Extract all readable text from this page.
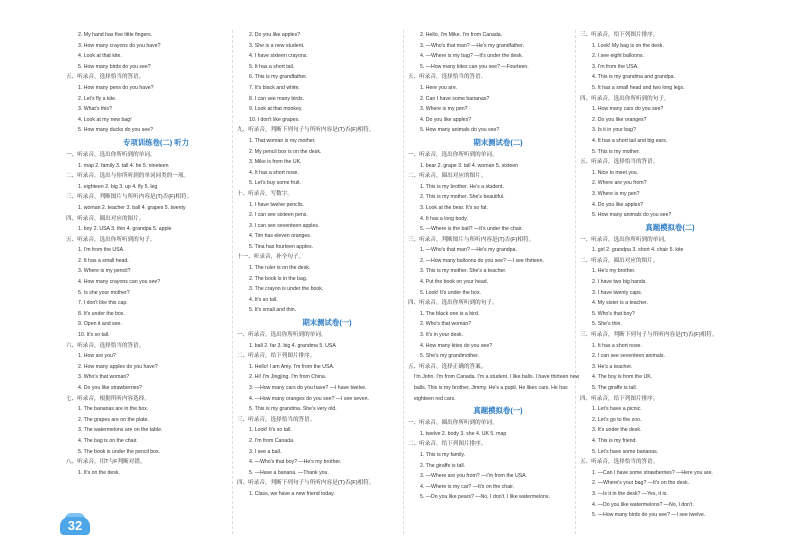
2. My hand has five little fingers.
3. How many crayons do you have?
4. Look at that kite.
5. How many birds do you see?
五、听录音，选择恰当的答语。
1. How many pens do you have?
2. Let's fly a kite.
3. What's this?
4. Look at my new bag!
5. How many ducks do you see?
专项训练卷(二) 听力
一、听录音，选出你所听到的单词。
1. map 2. family 3. tall 4. he 5. nineteen
二、听录音，选出与你所听到的单词同类的一项。
1. eighteen 2. big 3. up 4. fly 5. leg
三、听录音，判断图片与所听内容是(T)否(F)相符。
1. woman 2. teacher 3. ball 4. grapes 5. twenty
四、听录音，圈出对应的图片。
1. boy 2. USA 3. thin 4. grandpa 5. apple
五、听录音，选出你所听到的句子。
1. I'm from the USA.
2. It has a small head.
3. Where is my pencil?
4. How many crayons can you see?
5. Is she your mother?
7. I don't like this cap.
8. It's under the box.
9. Open it and see.
10. It's so tall.
六、听录音，选择恰当的答语。
1. How are you?
2. How many apples do you have?
3. Who's that woman?
4. Do you like strawberries?
七、听录音，根据所听内容选择。
1. The bananas are in the box.
2. The grapes are on the plate.
3. The watermelons are on the table.
4. The bag is on the chair.
5. The book is under the pencil box.
八、听录音，用T与F判断对错。
1. It's on the desk.
2. Do you like apples?
3. She is a new student.
4. I have sixteen crayons.
5. It has a short tail.
6. This is my grandfather.
7. It's black and white.
8. I can see many birds.
9. Look at that monkey.
10. I don't like grapes.
九、听录音，判断下列句子与所听内容是(T)否(F)相符。
1. That woman is my mother.
2. My pencil box is on the desk.
3. Mike is from the UK.
4. It has a short nose.
5. Let's buy some fruit.
十、听录音，写数字。
1. I have twelve pencils.
2. I can see sixteen pens.
3. I can see seventeen apples.
4. Tim has eleven oranges.
5. Tina has fourteen apples.
十一、听录音，补全句子。
1. The ruler is on the desk.
2. The book is in the bag.
3. The crayon is under the book.
4. It's so tall.
5. It's small and thin.
期末测试卷(一)
一、听录音，选出你所听到的单词。
1. ball 2. far 3. big 4. grandma 5. USA
二、听录音，给下列图片排序。
1. Hello! I am Amy. I'm from the USA.
2. Hi! I'm Jingjing. I'm from China.
3. —How many cars do you have? —I have twelve.
4. —How many oranges do you see? —I see seven.
5. This is my grandma. She's very old.
三、听录音，选择恰当的答语。
1. Look! It's so tall.
2. I'm from Canada.
3. I see a ball.
4. —Who's that boy? —He's my brother.
5. —Have a banana. —Thank you.
四、听录音，判断下列句子与所听内容是(T)否(F)相符。
1. Class, we have a new friend today.
2. Hello, I'm Mike. I'm from Canada.
3. —Who's that man? —He's my grandfather.
4. —Where is my bag? —It's under the desk.
5. —How many kites can you see? —Fourteen.
五、听录音，选择恰当的答语。
1. Here you are.
2. Can I have some bananas?
3. Where is my pen?
4. Do you like apples?
5. How many animals do you see?
期末测试卷(二)
一、听录音，选出你所听到的单词。
1. bear 2. grape 3. tall 4. woman 5. sixteen
二、听录音，圈出对应的图片。
1. This is my brother. He's a student.
2. This is my mother. She's beautiful.
3. Look at the bear. It's so fat.
4. It has a long body.
5. —Where is the ball? —It's under the chair.
三、听录音，判断图片与所听内容是(T)否(F)相符。
1. —Who's that man? —He's my grandpa.
2. —How many balloons do you see? —I see thirteen.
3. This is my mother. She's a teacher.
4. Put the book on your head.
5. Look! It's under the box.
四、听录音，选出你所听到的句子。
1. The black one is a bird.
2. Who's that woman?
3. It's in your desk.
4. How many kites do you see?
5. She's my grandmother.
五、听录音，选择正确的答案。
I'm John. I'm from Canada. I'm a student. I like balls. I have thirteen new balls. This is my brother, Jimmy. He's a pupil. He likes cars. He has eighteen red cars.
真题模拟卷(一)
一、听录音，圈出你所听到的单词。
1. twelve 2. body 3. she 4. UK 5. map
二、听录音，给下列图片排序。
1. This is my family.
2. The giraffe is tall.
3. —Where are you from? —I'm from the USA.
4. —Where is my car? —It's on the chair.
5. —Do you like pears? —No, I don't. I like watermelons.
三、听录音，给下列图片排序。
1. Look! My bag is on the desk.
2. I see eight balloons.
3. I'm from the USA.
4. This is my grandma and grandpa.
5. It has a small head and two long legs.
四、听录音，选出你所听到的句子。
1. How many cars do you see?
2. Do you like oranges?
3. Is it in your bag?
4. It has a short tail and big ears.
5. This is my mother.
五、听录音，选择恰当的答语。
1. Nice to meet you.
2. Where are you from?
3. Where is my pen?
4. Do you like apples?
5. How many animals do you see?
真题模拟卷(二)
一、听录音，选出你所听到的单词。
1. girl 2. grandpa 3. short 4. chair 5. kite
二、听录音，圈出对应的图片。
1. He's my brother.
2. I have two big hands.
3. I have twenty caps.
4. My sister is a teacher.
5. Who's that boy?
5. She's thin.
三、听录音，判断下列句子与所听内容是(T)否(F)相符。
1. It has a short nose.
2. I can see seventeen animals.
3. He's a teacher.
4. The boy is from the UK.
5. The giraffe is tall.
四、听录音，给下列图片排序。
1. Let's have a picnic.
2. Let's go to the zoo.
3. It's under the desk.
4. This is my friend.
5. Let's have some bananas.
五、听录音，选择恰当的答语。
1. —Can I have some strawberries? —Here you are.
2. —Where's your bag? —It's on the desk.
3. —Is it in the desk? —Yes, it is.
4. —Do you like watermelons? —No, I don't.
5. —How many birds do you see? —I see twelve.
32
